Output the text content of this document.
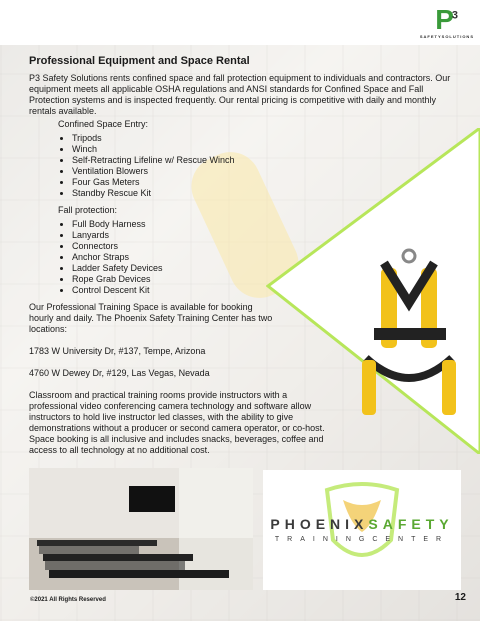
$P^3$
SAFETYSOLUTIONS
Professional Equipment and Space Rental

P3 Safety Solutions rents confined space and fall protection equipment to individuals and contractors. Our equipment meets all applicable OSHA regulations and ANSI standards for Confined Space and Fall Protection systems and is inspected frequently. Our rental pricing is competitive with daily and monthly rentals available.

Confined Space Entry:

• Tripods
• Winch
• Self-Retracting Lifeline w/ Rescue Winch
• Ventilation Blowers
• Four Gas Meters
• Standby Rescue Kit

Fall protection:

• Full Body Harness
• Lanyards
• Connectors
• Anchor Straps
• Ladder Safety Devices
• Rope Grab Devices
• Control Descent Kit

Our Professional Training Space is available for booking hourly and daily. The Phoenix Safety Training Center has two locations:

1783 W University Dr, #137, Tempe, Arizona

4760 W Dewey Dr, #129, Las Vegas, Nevada

Classroom and practical training rooms provide instructors with a professional video conferencing camera technology and software allow instructors to hold live instructor led classes, with the ability to give demonstrations without a producer or second camera operator, or co-host. Space booking is all inclusive and includes snacks, beverages, coffee and access to all technology at no additional cost.

PHOENIXSAFETY
TRAININGCENTER
©2021 All Rights Reserved	12
